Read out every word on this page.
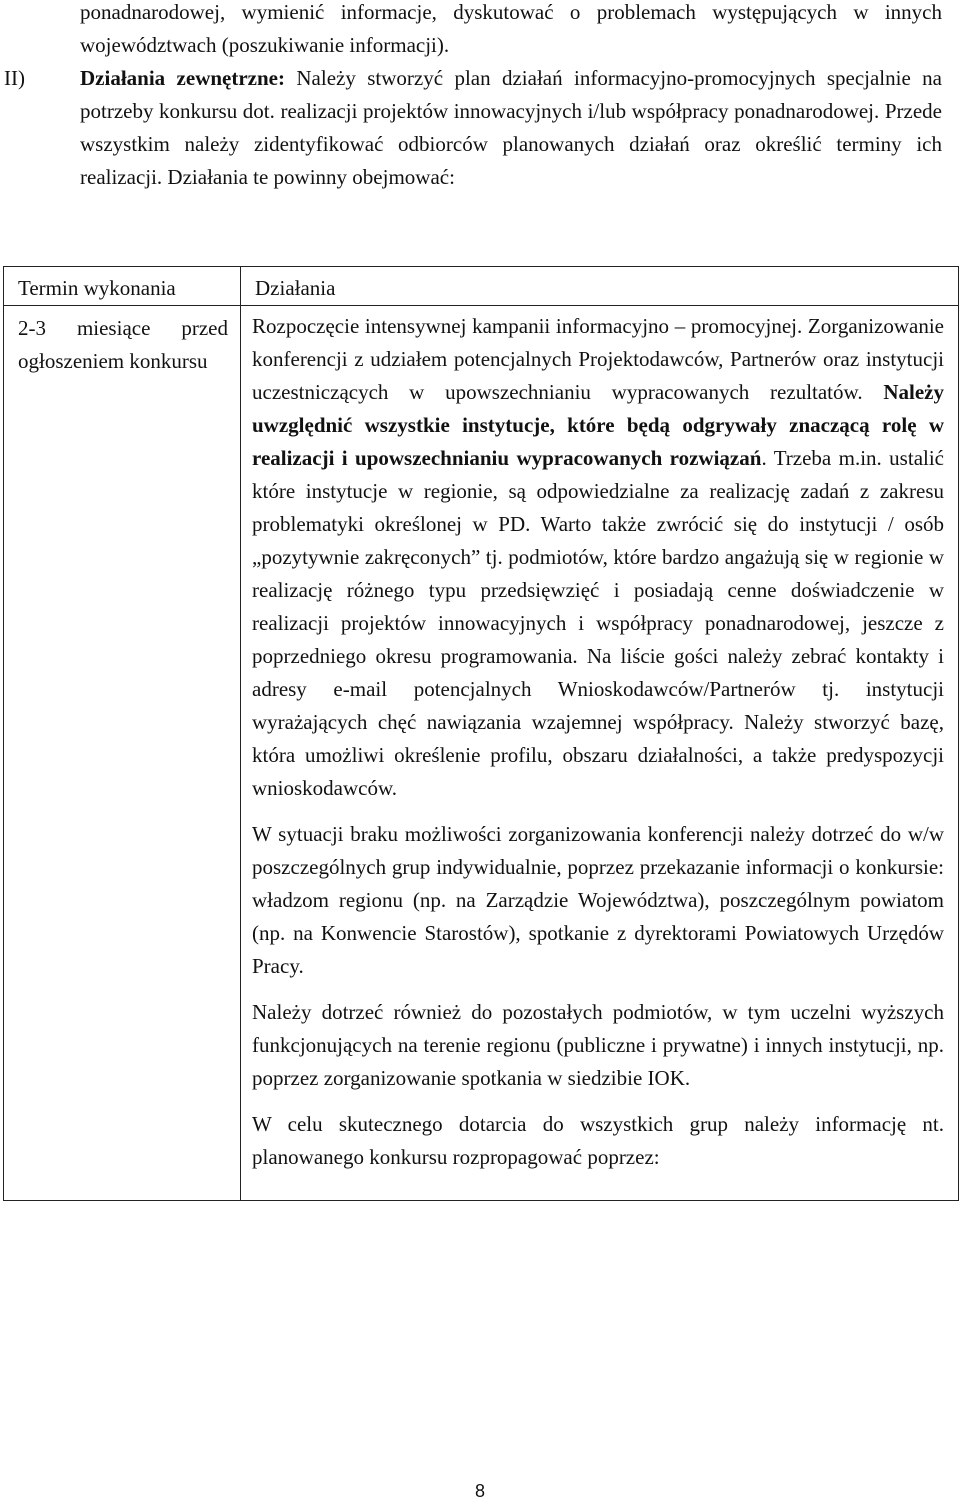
ponadnarodowej, wymienić informacje, dyskutować o problemach występujących w innych województwach (poszukiwanie informacji).
II)	Działania zewnętrzne: Należy stworzyć plan działań informacyjno-promocyjnych specjalnie na potrzeby konkursu dot. realizacji projektów innowacyjnych i/lub współpracy ponadnarodowej. Przede wszystkim należy zidentyfikować odbiorców planowanych działań oraz określić terminy ich realizacji. Działania te powinny obejmować:
Termin wykonania	Działania

2-3 miesiące przed ogłoszeniem konkursu	Rozpoczęcie intensywnej kampanii informacyjno – promocyjnej. Zorganizowanie konferencji z udziałem potencjalnych Projektodawców, Partnerów oraz instytucji uczestniczących w upowszechnianiu wypracowanych rezultatów. Należy uwzględnić wszystkie instytucje, które będą odgrywały znaczącą rolę w realizacji i upowszechnianiu wypracowanych rozwiązań. Trzeba m.in. ustalić które instytucje w regionie, są odpowiedzialne za realizację zadań z zakresu problematyki określonej w PD. Warto także zwrócić się do instytucji / osób „pozytywnie zakręconych” tj. podmiotów, które bardzo angażują się w regionie w realizację różnego typu przedsięwzięć i posiadają cenne doświadczenie w realizacji projektów innowacyjnych i współpracy ponadnarodowej, jeszcze z poprzedniego okresu programowania. Na liście gości należy zebrać kontakty i adresy e-mail potencjalnych Wnioskodawców/Partnerów tj. instytucji wyrażających chęć nawiązania wzajemnej współpracy. Należy stworzyć bazę, która umożliwi określenie profilu, obszaru działalności, a także predyspozycji wnioskodawców.

W sytuacji braku możliwości zorganizowania konferencji należy dotrzeć do w/w poszczególnych grup indywidualnie, poprzez przekazanie informacji o konkursie: władzom regionu (np. na Zarządzie Województwa), poszczególnym powiatom (np. na Konwencie Starostów), spotkanie z dyrektorami Powiatowych Urzędów Pracy.

Należy dotrzeć również do pozostałych podmiotów, w tym uczelni wyższych funkcjonujących na terenie regionu (publiczne i prywatne) i innych instytucji, np. poprzez zorganizowanie spotkania w siedzibie IOK.

W celu skutecznego dotarcia do wszystkich grup należy informację nt. planowanego konkursu rozpropagować poprzez:

8
